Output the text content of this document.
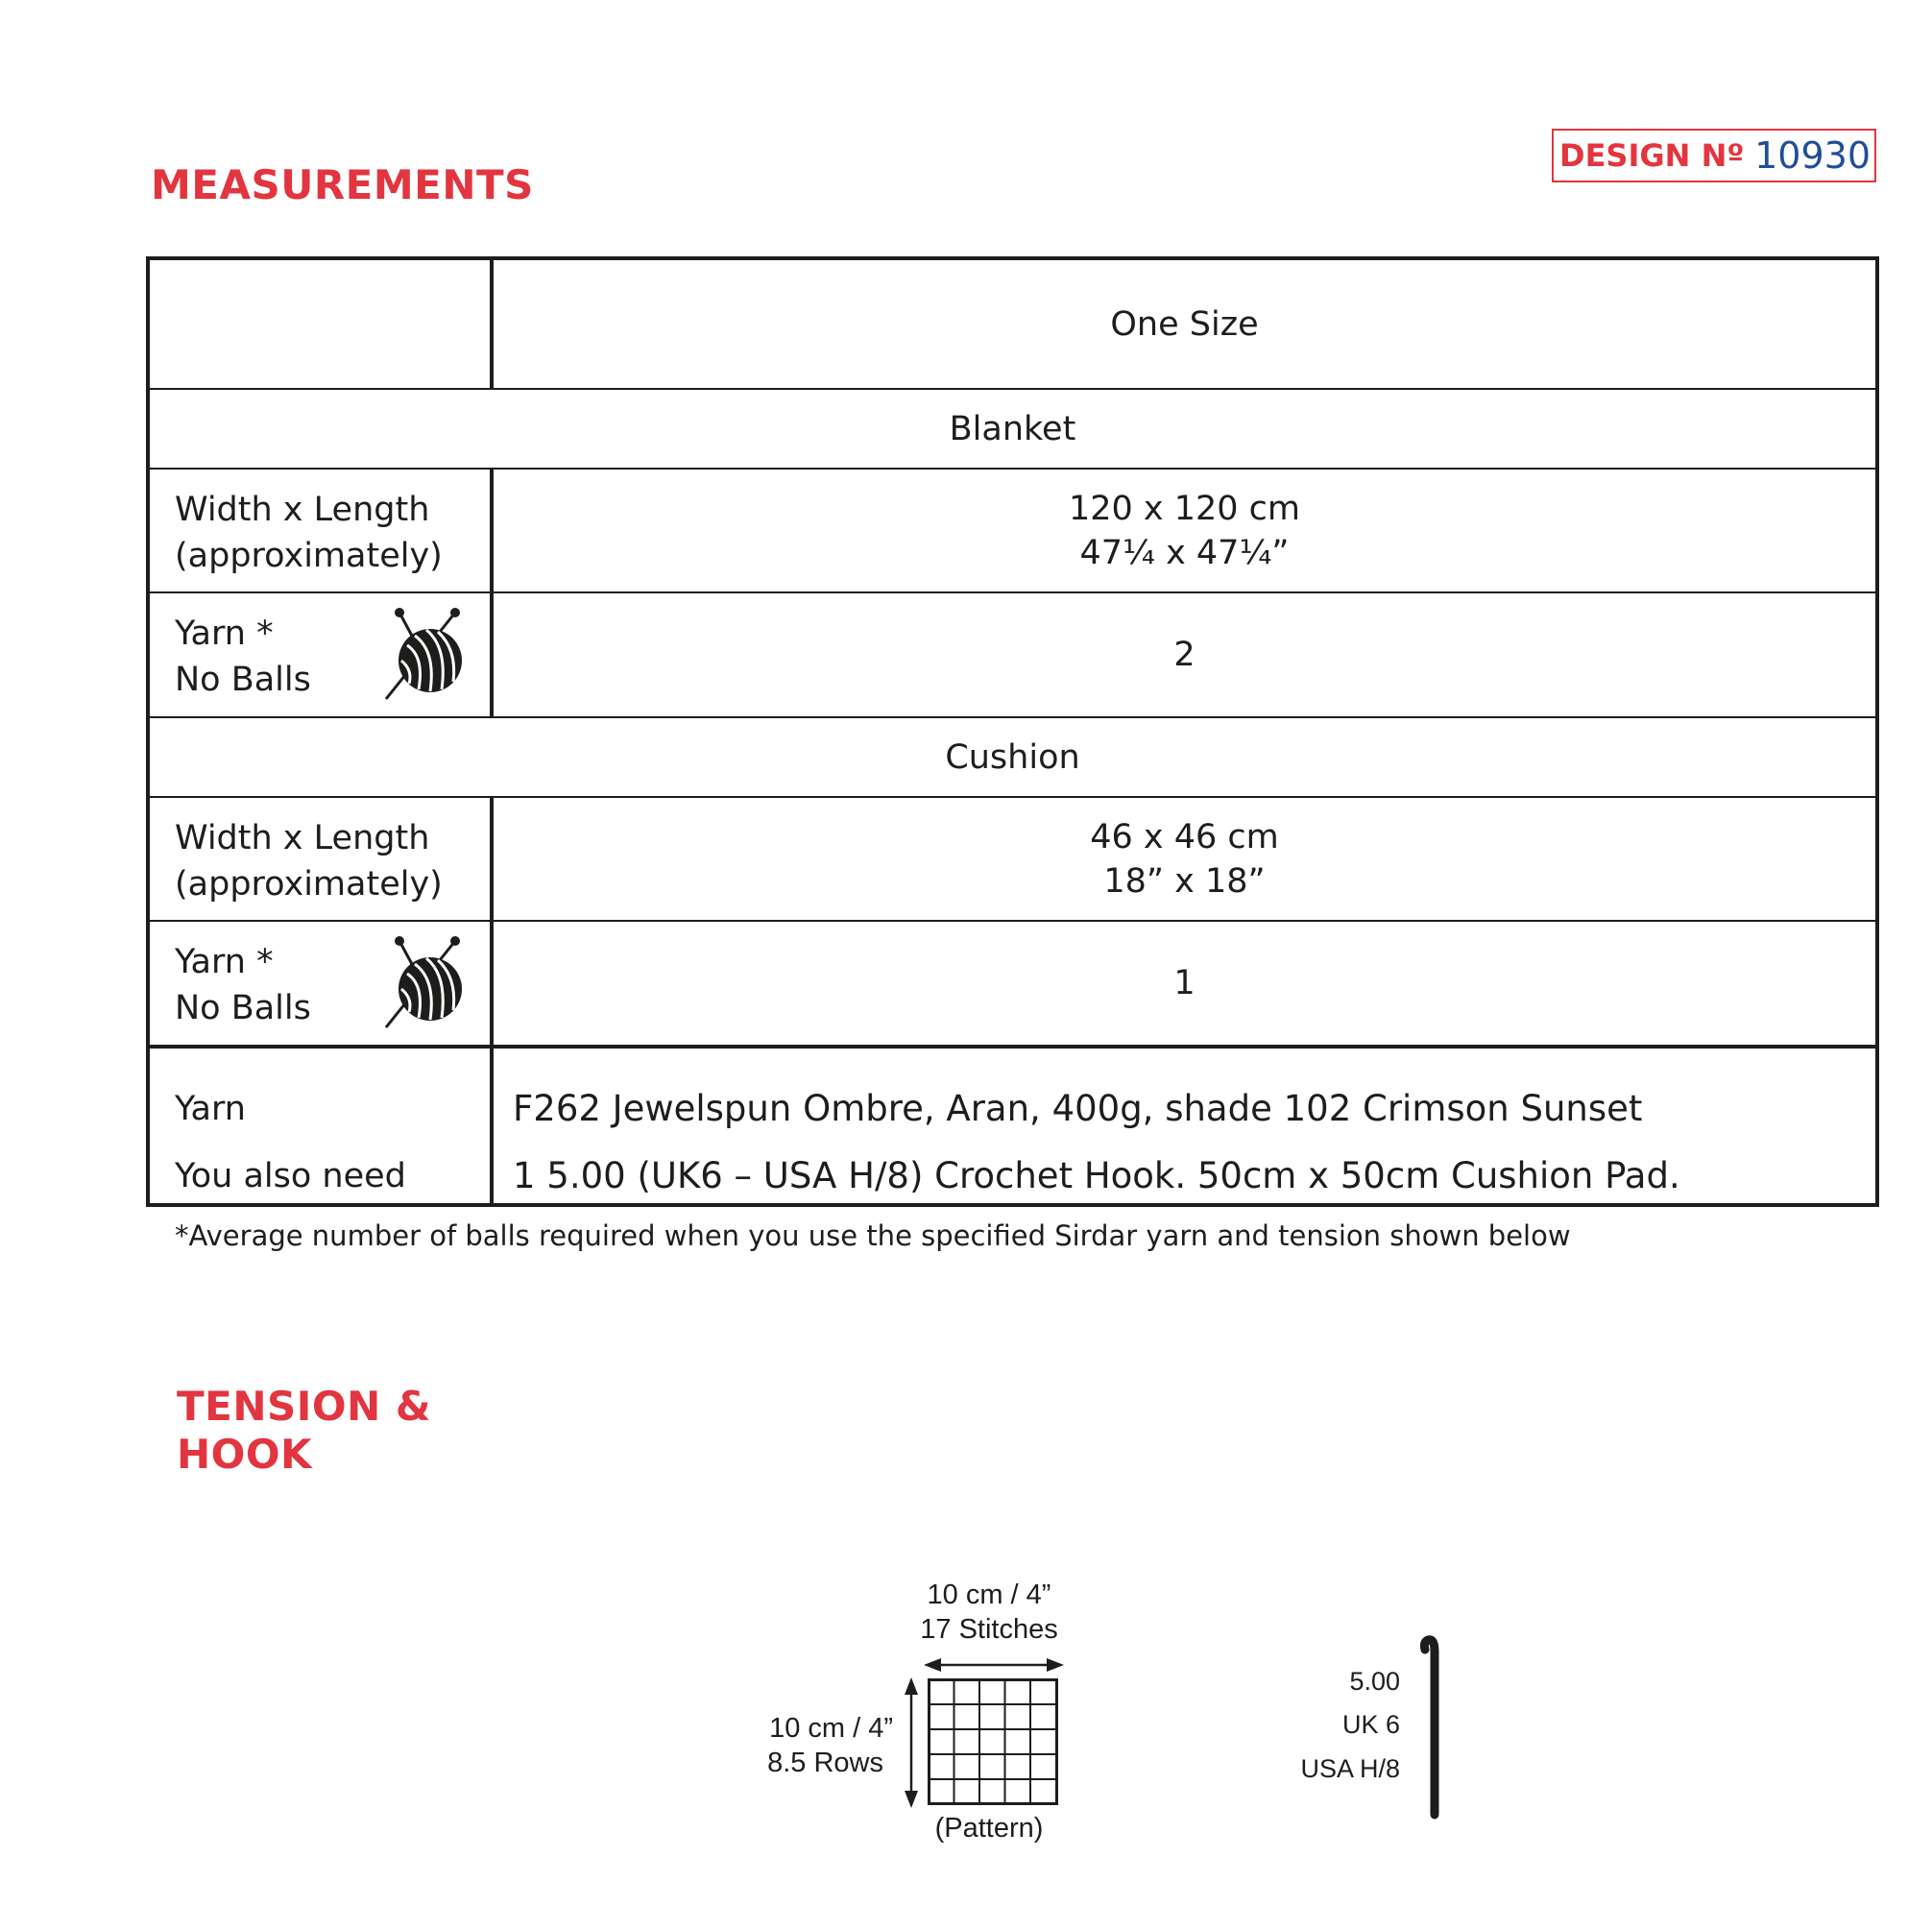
MEASUREMENTS
DESIGN Nº 10930
One Size
Blanket
Width x Length
(approximately)
120 x 120 cm
47¼ x 47¼”
Yarn *
No Balls
2
Cushion
Width x Length
(approximately)
46 x 46 cm
18” x 18”
Yarn *
No Balls
1
Yarn
You also need
F262 Jewelspun Ombre, Aran, 400g, shade 102 Crimson Sunset
1 5.00 (UK6 – USA H/8) Crochet Hook. 50cm x 50cm Cushion Pad.
*Average number of balls required when you use the specified Sirdar yarn and tension shown below
TENSION & HOOK
10 cm / 4”
17 Stitches
10 cm / 4”
8.5 Rows
(Pattern)
5.00
UK 6
USA H/8
